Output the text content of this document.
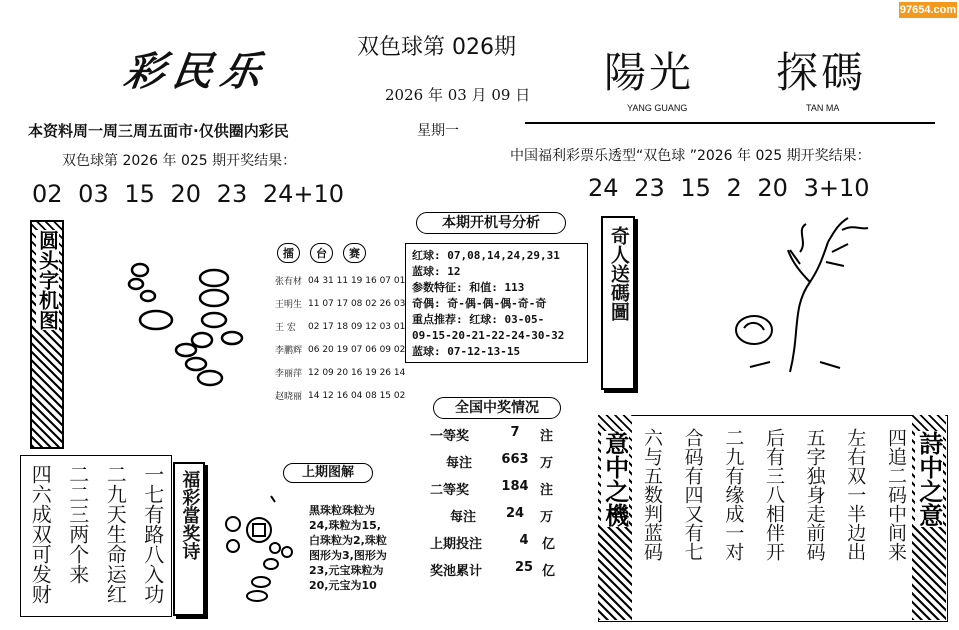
97654.com
彩民乐
双色球第 026期
2026 年 03 月 09 日 陽光 探碼
YANG GUANG	TAN MA
本资料周一周三周五面市·仅供圈内彩民	星期一
双色球第 2026 年 025 期开奖结果：
02 03 15 20 23 24+10
中国福利彩票乐透型“双色球 ”2026 年 025 期开奖结果：
24 23 15 2 20 3+10
圆头字机图	擂	台	赛
张有材	04 31 11 19 16 07 01
王明生	11 07 17 08 02 26 03
王 宏	02 17 18 09 12 03 01
李鹏辉	06 20 19 07 06 09 02
李丽萍	12 09 20 16 19 26 14
赵晓丽	14 12 16 04 08 15 02
本期开机号分析
红球: 07,08,14,24,29,31
蓝球: 12
参数特征: 和值: 113
奇偶: 奇-偶-偶-偶-奇-奇
重点推荐: 红球: 03-05-
09-15-20-21-22-24-30-32
蓝球: 07-12-13-15
奇人送碼圖
全国中奖情况
一等奖	7	注
每注	663 万
二等奖	184 注
每注	24	万
上期投注	4	亿
奖池累计	25 亿
一七有路八入功
二九天生命运红
二二三两个来
四六成双可发财	福彩當奖诗	上期图解
黑珠粒珠粒为
24,珠粒为15,
白珠粒为2,珠粒
图形为3,图形为
23,元宝珠粒为
20,元宝为10
意中之機	詩中之意
四追二码中间来
左右双一半边出
五字独身走前码
后有三八相伴开
二九有缘成一对
合码有四又有七
六与五数判蓝码
